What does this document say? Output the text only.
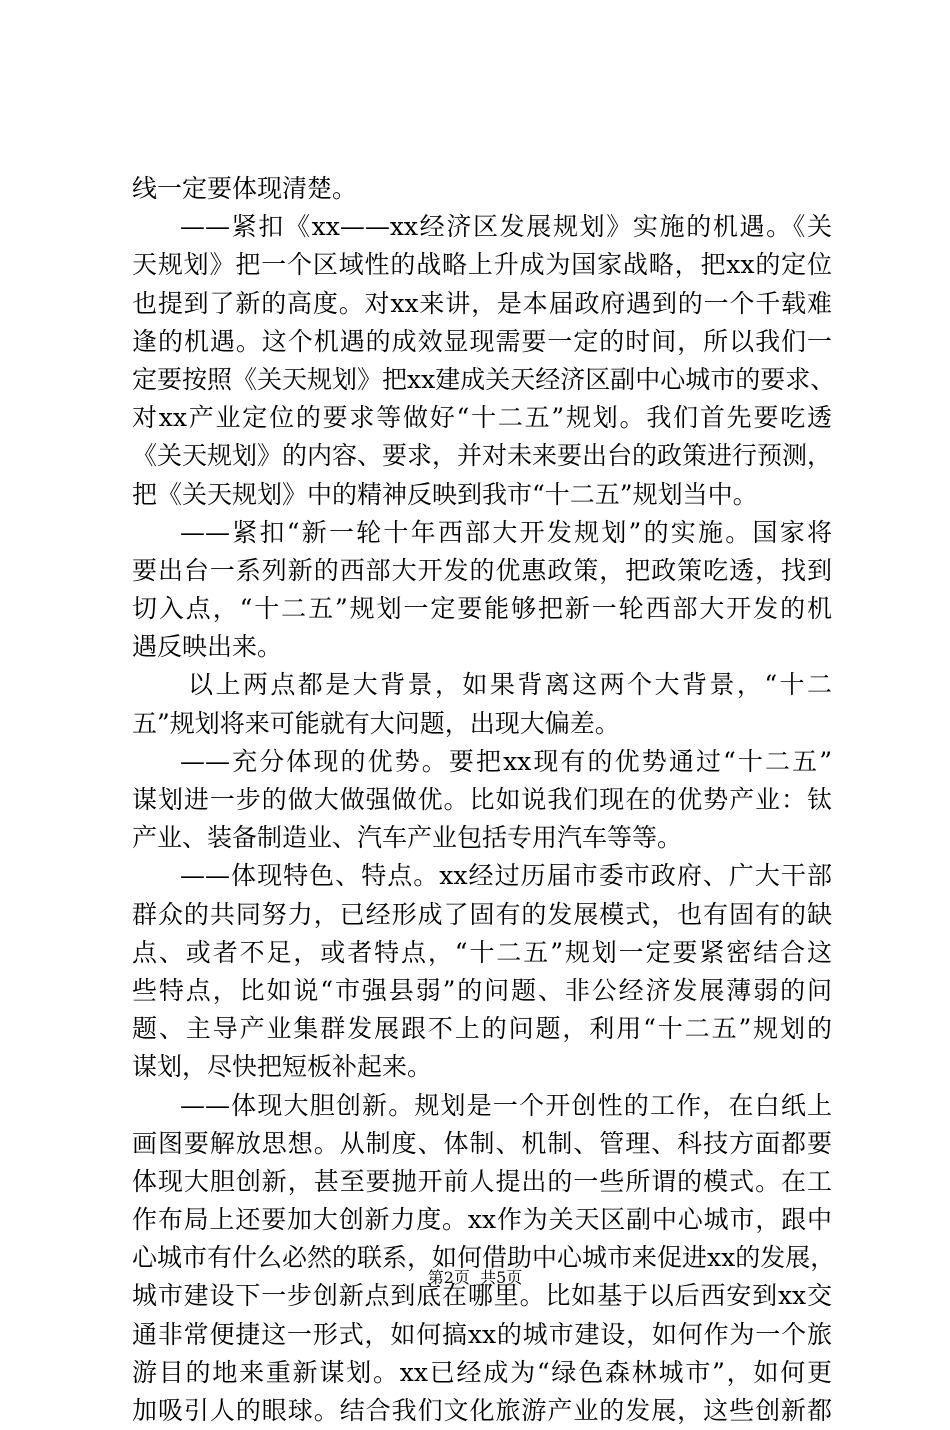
线一定要体现清楚。
——紧扣《xx——xx经济区发展规划》实施的机遇。《关
天规划》把一个区域性的战略上升成为国家战略，把xx的定位
也提到了新的高度。对xx来讲，是本届政府遇到的一个千载难
逢的机遇。这个机遇的成效显现需要一定的时间，所以我们一
定要按照《关天规划》把xx建成关天经济区副中心城市的要求、
对xx产业定位的要求等做好“十二五”规划。我们首先要吃透
《关天规划》的内容、要求，并对未来要出台的政策进行预测，
把《关天规划》中的精神反映到我市“十二五”规划当中。
——紧扣“新一轮十年西部大开发规划”的实施。国家将
要出台一系列新的西部大开发的优惠政策，把政策吃透，找到
切入点，“十二五”规划一定要能够把新一轮西部大开发的机
遇反映出来。
以上两点都是大背景，如果背离这两个大背景，“十二
五”规划将来可能就有大问题，出现大偏差。
——充分体现的优势。要把xx现有的优势通过“十二五”
谋划进一步的做大做强做优。比如说我们现在的优势产业：钛
产业、装备制造业、汽车产业包括专用汽车等等。
——体现特色、特点。xx经过历届市委市政府、广大干部
群众的共同努力，已经形成了固有的发展模式，也有固有的缺
点、或者不足，或者特点，“十二五”规划一定要紧密结合这
些特点，比如说“市强县弱”的问题、非公经济发展薄弱的问
题、主导产业集群发展跟不上的问题，利用“十二五”规划的
谋划，尽快把短板补起来。
——体现大胆创新。规划是一个开创性的工作，在白纸上
画图要解放思想。从制度、体制、机制、管理、科技方面都要
体现大胆创新，甚至要抛开前人提出的一些所谓的模式。在工
作布局上还要加大创新力度。xx作为关天区副中心城市，跟中
心城市有什么必然的联系，如何借助中心城市来促进xx的发展，
城市建设下一步创新点到底在哪里。比如基于以后西安到xx交
通非常便捷这一形式，如何搞xx的城市建设，如何作为一个旅
游目的地来重新谋划。xx已经成为“绿色森林城市”，如何更
加吸引人的眼球。结合我们文化旅游产业的发展，这些创新都
第2页  共5页
